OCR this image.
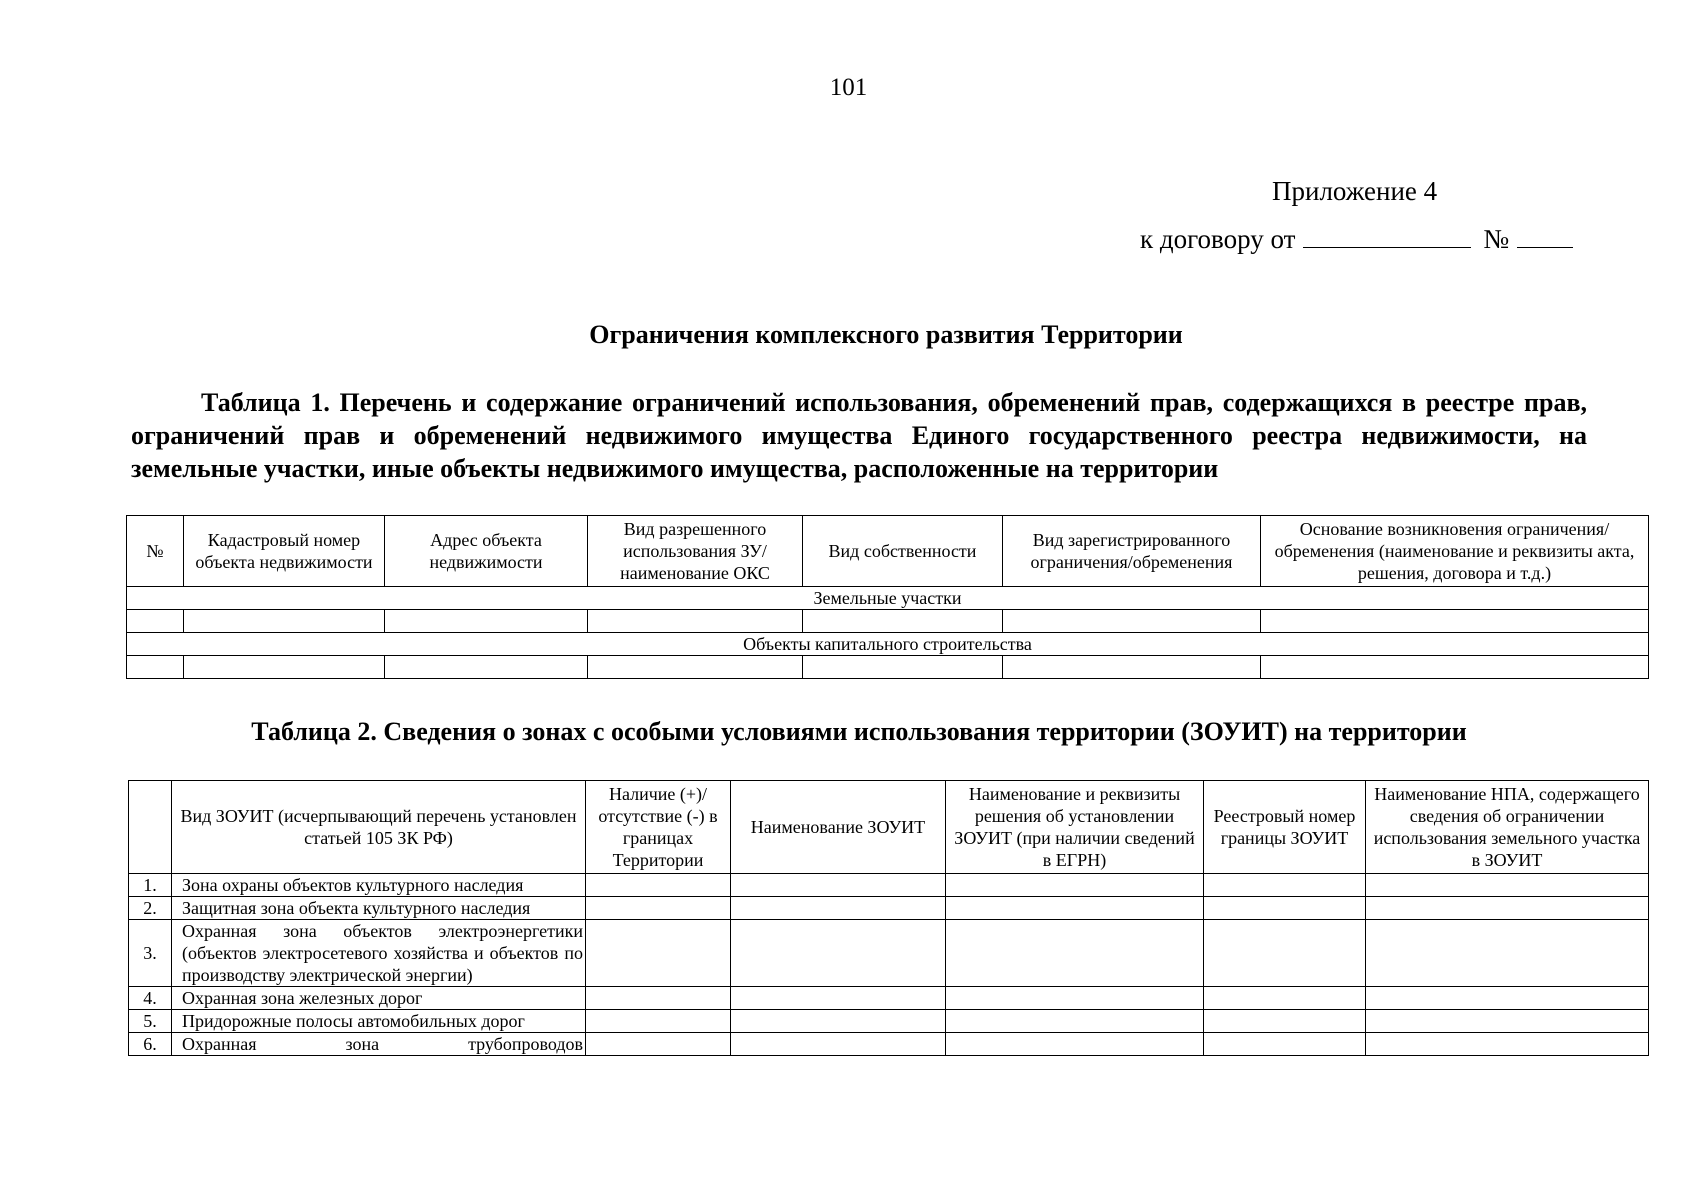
101
Приложение 4
к договору от	№
Ограничения комплексного развития Территории
Таблица 1. Перечень и содержание ограничений использования, обременений прав, содержащихся в реестре прав, ограничений прав и обременений недвижимого имущества Единого государственного реестра недвижимости, на земельные участки, иные объекты недвижимого имущества, расположенные на территории
№	Кадастровый номер объекта недвижимости	Адрес объекта недвижимости	Вид разрешенного использования ЗУ/наименование ОКС	Вид собственности	Вид зарегистрированного ограничения/обременения	Основание возникновения ограничения/обременения (наименование и реквизиты акта, решения, договора и т.д.)
Земельные участки						

Объекты капитального строительства						

Таблица 2. Сведения о зонах с особыми условиями использования территории (ЗОУИТ) на территории
	Вид ЗОУИТ (исчерпывающий перечень установлен статьей 105 ЗК РФ)	Наличие (+)/отсутствие (-) в границах Территории	Наименование ЗОУИТ	Наименование и реквизиты решения об установлении ЗОУИТ (при наличии сведений в ЕГРН)	Реестровый номер границы ЗОУИТ	Наименование НПА, содержащего сведения об ограничении использования земельного участка в ЗОУИТ
1.	Зона охраны объектов культурного наследия					
2.	Защитная зона объекта культурного наследия					
3.	Охранная зона объектов электроэнергетики (объектов электросетевого хозяйства и объектов по производству электрической энергии)					
4.	Охранная зона железных дорог					
5.	Придорожные полосы автомобильных дорог					
6.	Охранная зона трубопроводов					
